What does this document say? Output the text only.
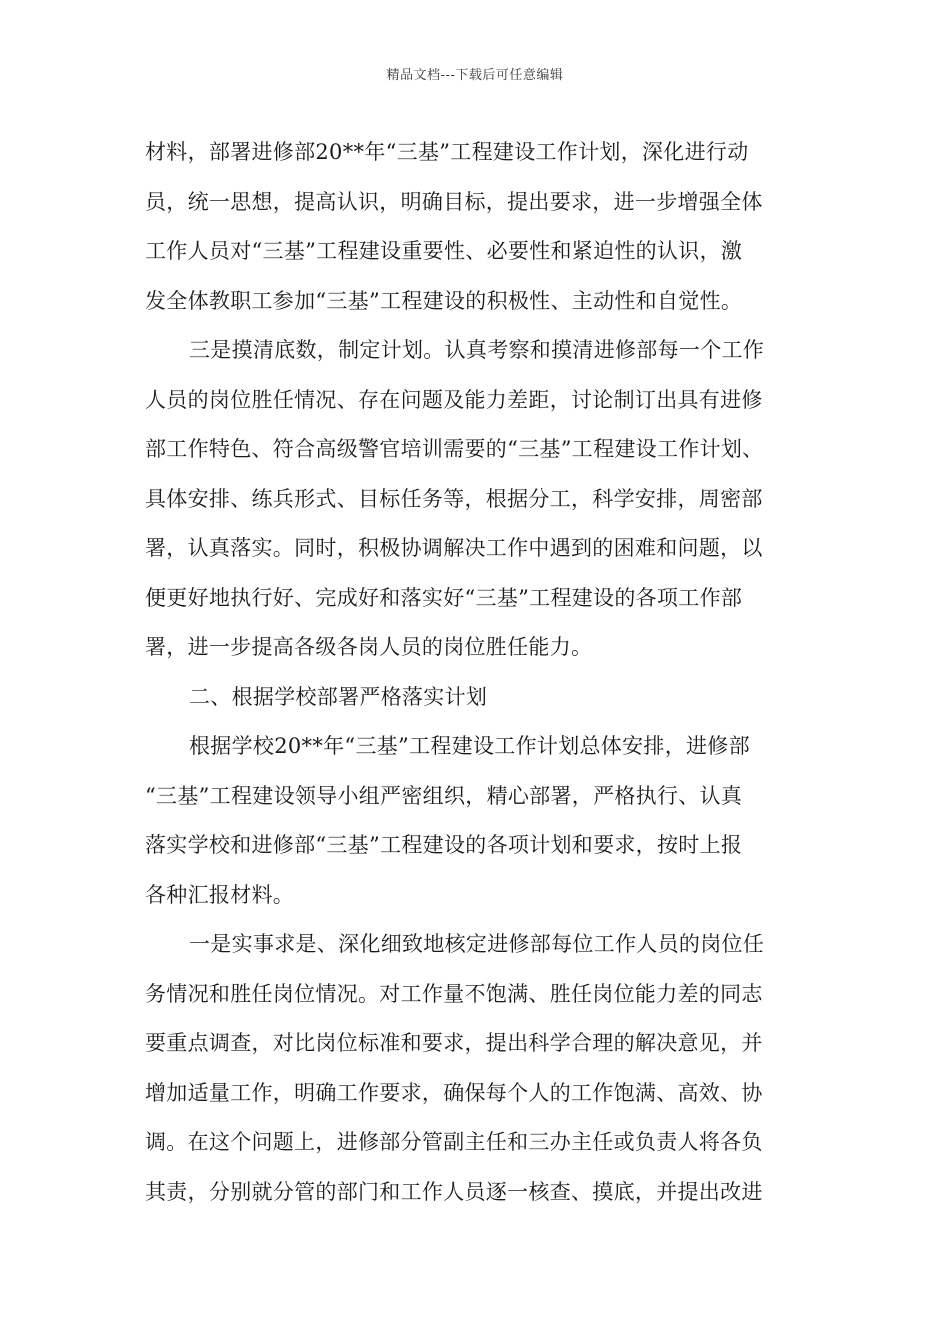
精品文档---下载后可任意编辑
材料，部署进修部20**年“三基”工程建设工作计划，深化进行动
员，统一思想，提高认识，明确目标，提出要求，进一步增强全体
工作人员对“三基”工程建设重要性、必要性和紧迫性的认识，激
发全体教职工参加“三基”工程建设的积极性、主动性和自觉性。
三是摸清底数，制定计划。认真考察和摸清进修部每一个工作
人员的岗位胜任情况、存在问题及能力差距，讨论制订出具有进修
部工作特色、符合高级警官培训需要的“三基”工程建设工作计划、
具体安排、练兵形式、目标任务等，根据分工，科学安排，周密部
署，认真落实。同时，积极协调解决工作中遇到的困难和问题，以
便更好地执行好、完成好和落实好“三基”工程建设的各项工作部
署，进一步提高各级各岗人员的岗位胜任能力。
二、根据学校部署严格落实计划
根据学校20**年“三基”工程建设工作计划总体安排，进修部
“三基”工程建设领导小组严密组织，精心部署，严格执行、认真
落实学校和进修部“三基”工程建设的各项计划和要求，按时上报
各种汇报材料。
一是实事求是、深化细致地核定进修部每位工作人员的岗位任
务情况和胜任岗位情况。对工作量不饱满、胜任岗位能力差的同志
要重点调查，对比岗位标准和要求，提出科学合理的解决意见，并
增加适量工作，明确工作要求，确保每个人的工作饱满、高效、协
调。在这个问题上，进修部分管副主任和三办主任或负责人将各负
其责，分别就分管的部门和工作人员逐一核查、摸底，并提出改进
